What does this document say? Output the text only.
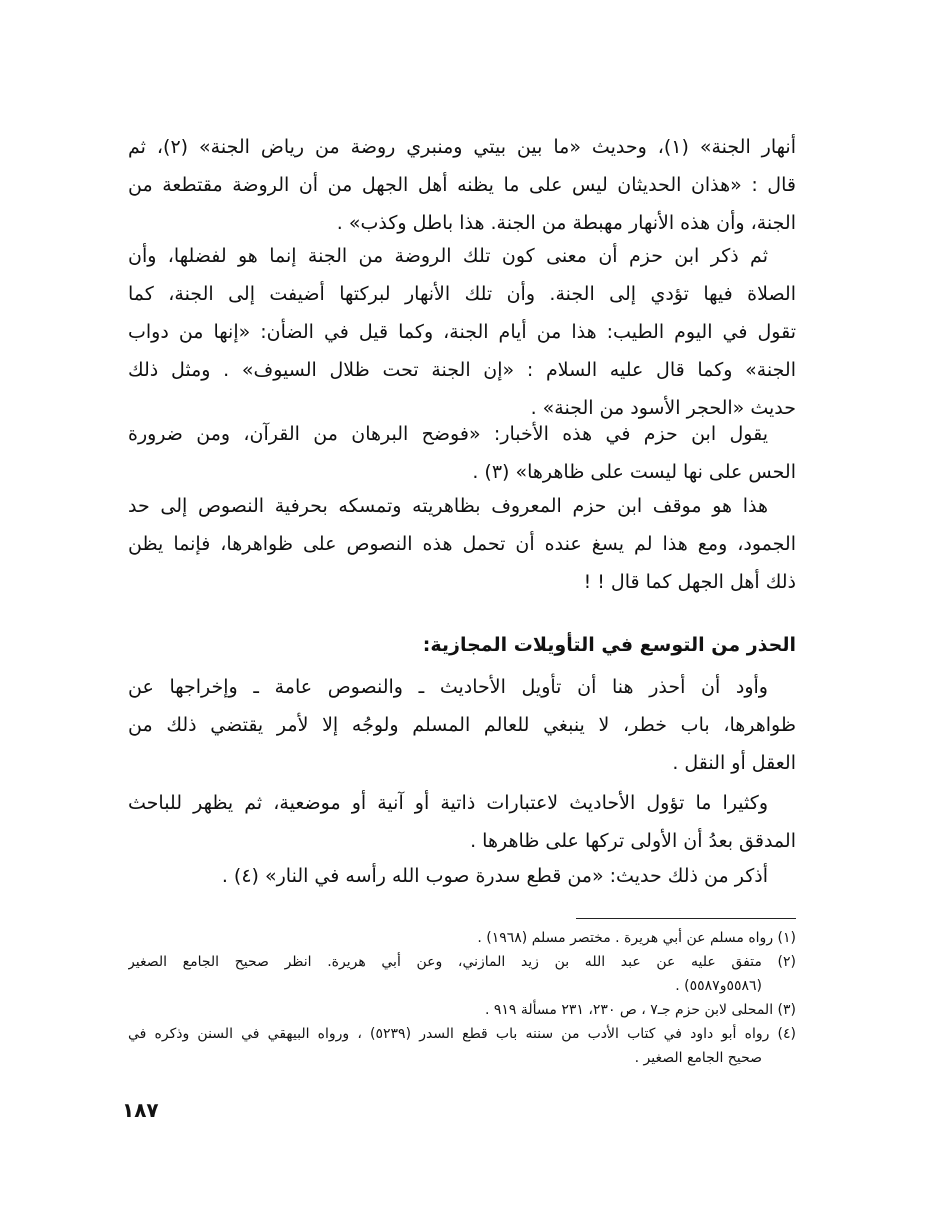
أنهار الجنة» (١)، وحديث «ما بين بيتي ومنبري روضة من رياض الجنة» (٢)، ثم
قال : «هذان الحديثان ليس على ما يظنه أهل الجهل من أن الروضة مقتطعة من
الجنة، وأن هذه الأنهار مهبطة من الجنة. هذا باطل وكذب» .
ثم ذكر ابن حزم أن معنى كون تلك الروضة من الجنة إنما هو لفضلها، وأن
الصلاة فيها تؤدي إلى الجنة. وأن تلك الأنهار لبركتها أضيفت إلى الجنة، كما
تقول في اليوم الطيب: هذا من أيام الجنة، وكما قيل في الضأن: «إنها من دواب
الجنة» وكما قال عليه السلام : «إن الجنة تحت ظلال السيوف» . ومثل ذلك
حديث «الحجر الأسود من الجنة» .
يقول ابن حزم في هذه الأخبار: «فوضح البرهان من القرآن، ومن ضرورة
الحس على نها ليست على ظاهرها» (٣) .
هذا هو موقف ابن حزم المعروف بظاهريته وتمسكه بحرفية النصوص إلى حد
الجمود، ومع هذا لم يسغ عنده أن تحمل هذه النصوص على ظواهرها، فإنما يظن
ذلك أهل الجهل كما قال ! !
الحذر من التوسع في التأويلات المجازية:
وأود أن أحذر هنا أن تأويل الأحاديث ـ والنصوص عامة ـ وإخراجها عن
ظواهرها، باب خطر، لا ينبغي للعالم المسلم ولوجُه إلا لأمر يقتضي ذلك من
العقل أو النقل .
وكثيرا ما تؤول الأحاديث لاعتبارات ذاتية أو آنية أو موضعية، ثم يظهر للباحث
المدقق بعدُ أن الأولى تركها على ظاهرها .
أذكر من ذلك حديث: «من قطع سدرة صوب الله رأسه في النار» (٤) .
(١) رواه مسلم عن أبي هريرة . مختصر مسلم (١٩٦٨) .
(٢) متفق عليه عن عبد الله بن زيد المازني، وعن أبي هريرة. انظر صحيح الجامع الصغير
(٥٥٨٦و٥٥٨٧) .
(٣) المحلى لابن حزم جـ٧ ، ص ٢٣٠، ٢٣١ مسألة ٩١٩ .
(٤) رواه أبو داود في كتاب الأدب من سننه باب قطع السدر (٥٢٣٩) ، ورواه البيهقي في السنن وذكره في
صحيح الجامع الصغير .
١٨٧
